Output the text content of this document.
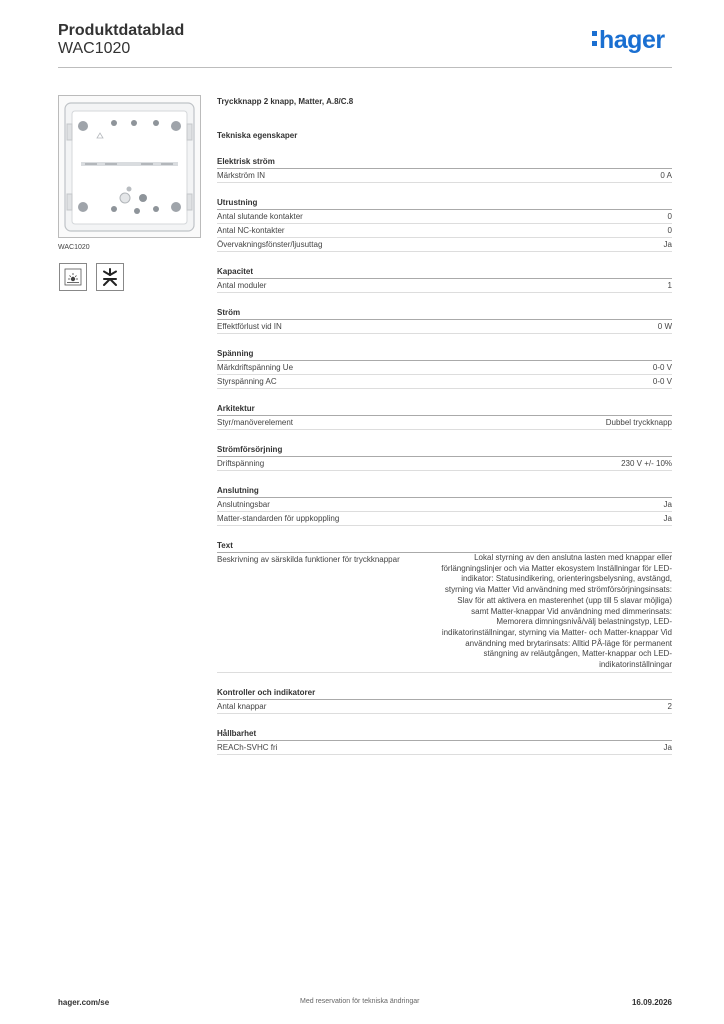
Produktdatablad
WAC1020	hager
WAC1020
Tryckknapp 2 knapp, Matter, A.8/C.8
Tekniska egenskaper
Elektrisk ström
Märkström IN	0 A
Utrustning
Antal slutande kontakter	0
Antal NC-kontakter	0
Övervakningsfönster/ljusuttag	Ja
Kapacitet
Antal moduler	1
Ström
Effektförlust vid IN	0 W
Spänning
Märkdriftspänning Ue	0-0 V
Styrspänning AC	0-0 V
Arkitektur
Styr/manöverelement	Dubbel tryckknapp
Strömförsörjning
Driftspänning	230 V +/- 10%
Anslutning
Anslutningsbar	Ja
Matter-standarden för uppkoppling	Ja
Text
Beskrivning av särskilda funktioner för tryckknappar	Lokal styrning av den anslutna lasten med knappar eller förlängningslinjer och via Matter ekosystem Inställningar för LED-indikator: Statusindikering, orienteringsbelysning, avstängd, styrning via Matter Vid användning med strömförsörjningsinsats: Slav för att aktivera en masterenhet (upp till 5 slavar möjliga) samt Matter-knappar Vid användning med dimmerinsats: Memorera dimningsnivå/välj belastningstyp, LED-indikatorinställningar, styrning via Matter- och Matter-knappar Vid användning med brytarinsats: Alltid PÅ-läge för permanent stängning av reläutgången, Matter-knappar och LED-indikatorinställningar
Kontroller och indikatorer
Antal knappar	2
Hållbarhet
REACh-SVHC fri	Ja
hager.com/se	Med reservation för tekniska ändringar	16.09.2026
